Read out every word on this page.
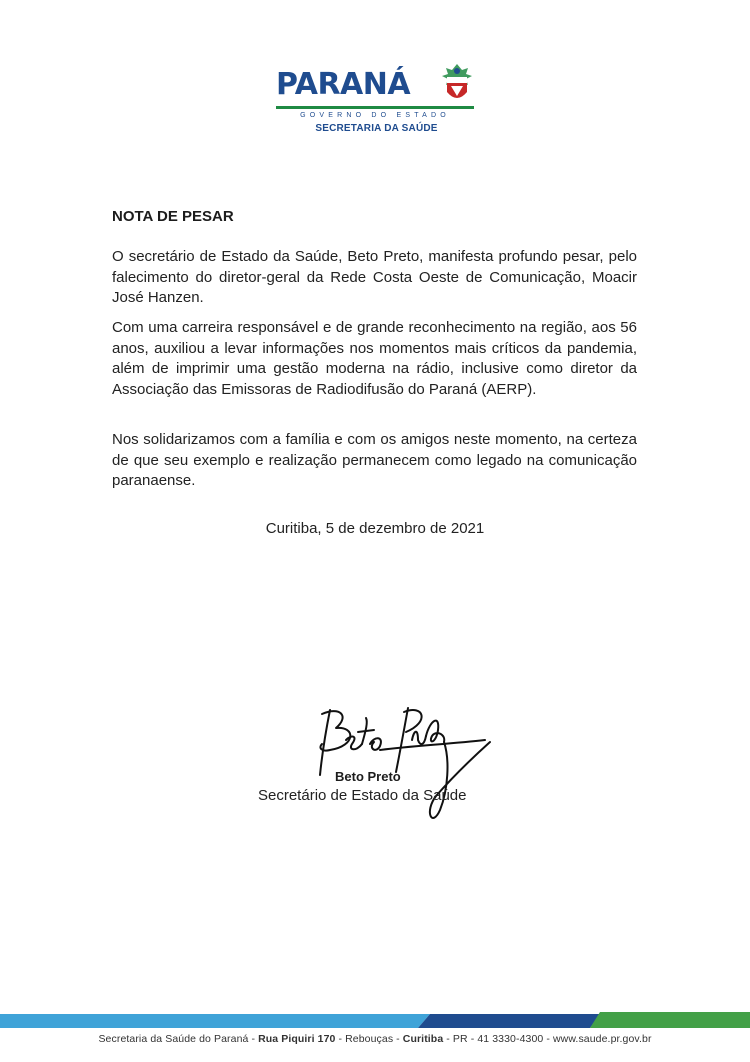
PARANÁ
GOVERNO DO ESTADO
SECRETARIA DA SAÚDE
NOTA DE PESAR
O secretário de Estado da Saúde, Beto Preto, manifesta profundo pesar, pelo falecimento do diretor-geral da Rede Costa Oeste de Comunicação, Moacir José Hanzen.
Com uma carreira responsável e de grande reconhecimento na região, aos 56 anos, auxiliou a levar informações nos momentos mais críticos da pandemia, além de imprimir uma gestão moderna na rádio, inclusive como diretor da Associação das Emissoras de Radiodifusão do Paraná (AERP).
Nos solidarizamos com a família e com os amigos neste momento, na certeza de que seu exemplo e realização permanecem como legado na comunicação paranaense.
Curitiba, 5 de dezembro de 2021
Beto Preto
Secretário de Estado da Saúde
Secretaria da Saúde do Paraná - Rua Piquiri 170 - Rebouças - Curitiba - PR - 41 3330-4300 - www.saude.pr.gov.br
